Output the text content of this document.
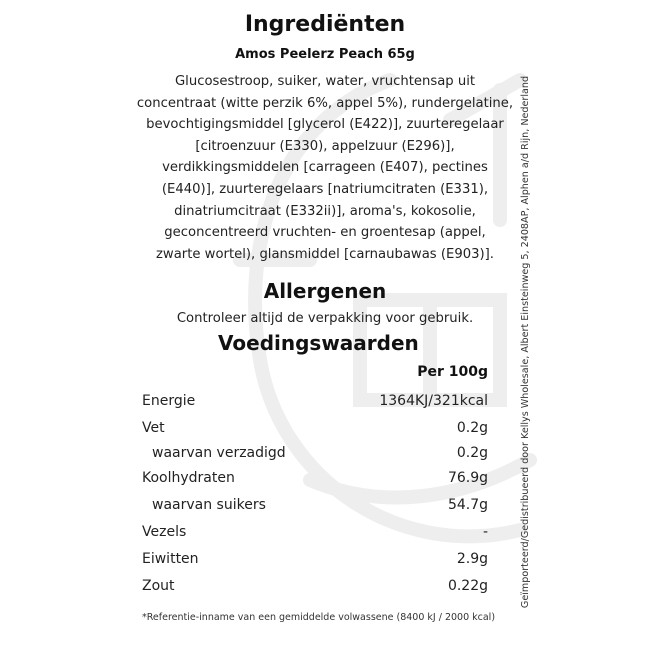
Ingrediënten
Amos Peelerz Peach 65g
Glucosestroop, suiker, water, vruchtensap uit
concentraat (witte perzik 6%, appel 5%), rundergelatine,
bevochtigingsmiddel [glycerol (E422)], zuurteregelaar
[citroenzuur (E330), appelzuur (E296)],
verdikkingsmiddelen [carrageen (E407), pectines
(E440)], zuurteregelaars [natriumcitraten (E331),
dinatriumcitraat (E332ii)], aroma's, kokosolie,
geconcentreerd vruchten- en groentesap (appel,
zwarte wortel), glansmiddel [carnaubawas (E903)].
Allergenen
Controleer altijd de verpakking voor gebruik.
Voedingswaarden
Per 100g
Energie	1364KJ/321kcal
Vet	0.2g
waarvan verzadigd	0.2g
Koolhydraten	76.9g
waarvan suikers	54.7g
Vezels	-
Eiwitten	2.9g
Zout	0.22g
*Referentie-inname van een gemiddelde volwassene (8400 kJ / 2000 kcal)
Geïmporteerd/Gedistribueerd door Kellys Wholesale, Albert Einsteinweg 5, 2408AP, Alphen a/d Rijn, Nederland
